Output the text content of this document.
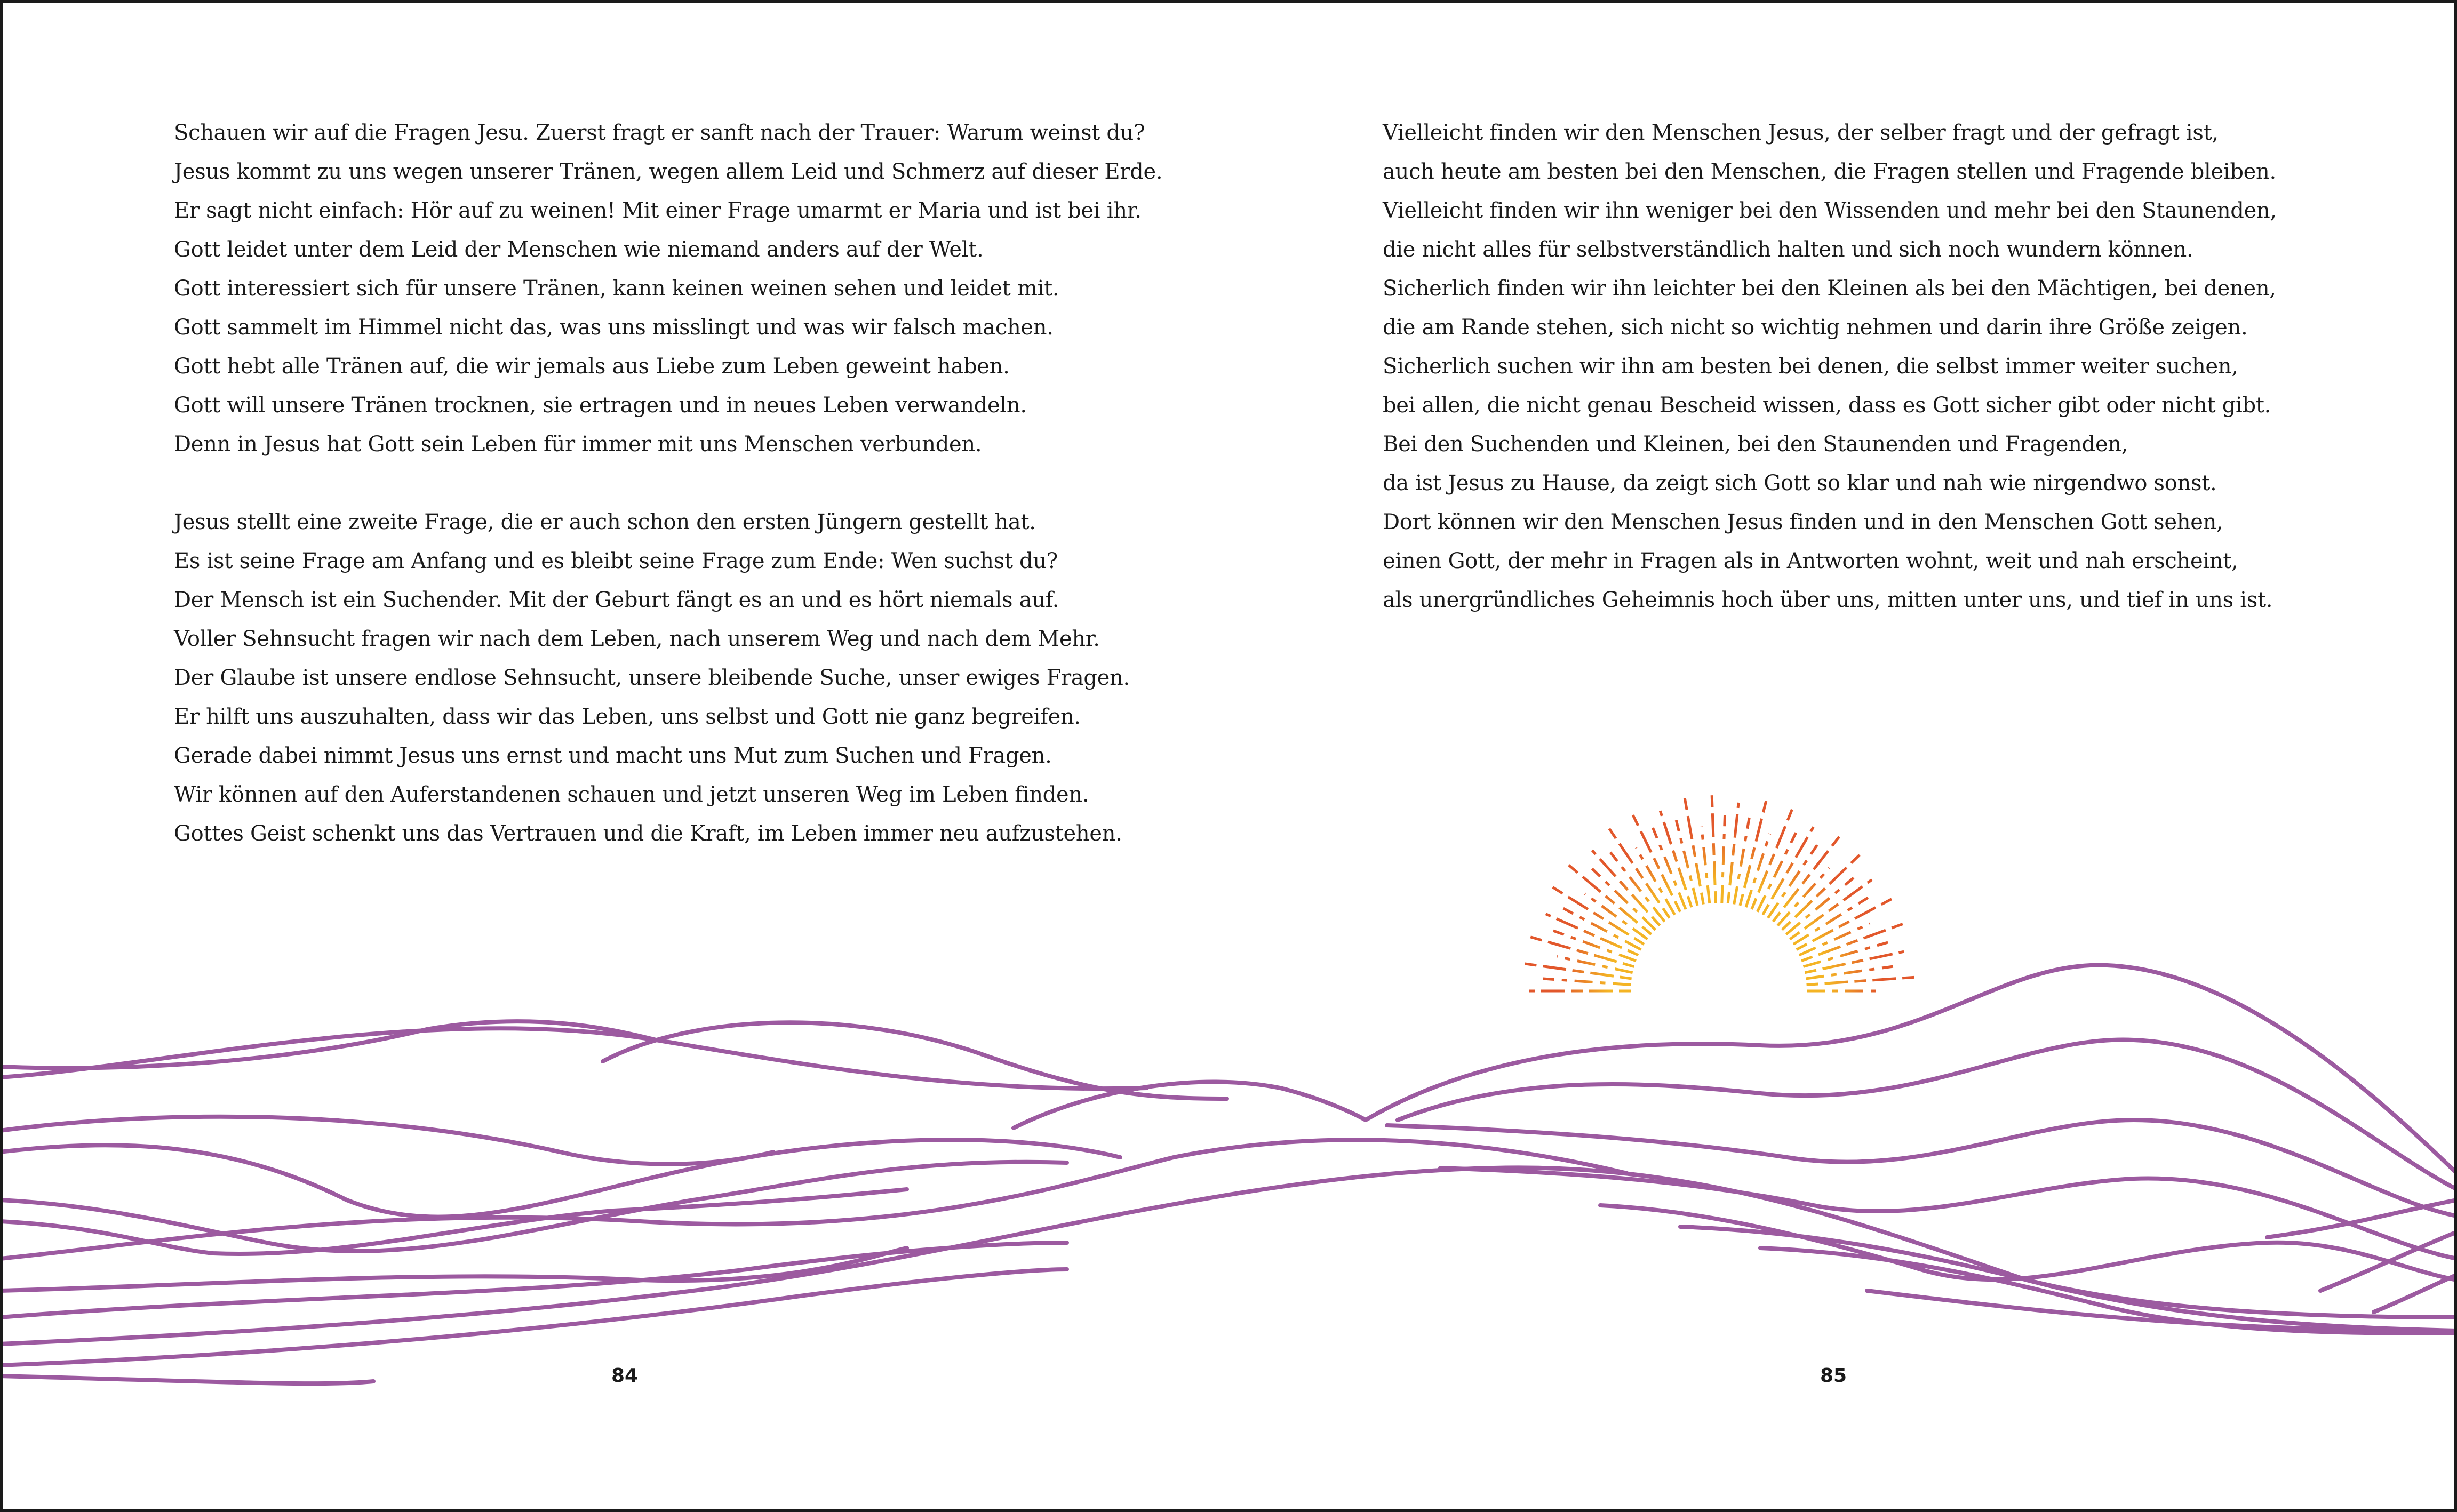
Schauen wir auf die Fragen Jesu. Zuerst fragt er sanft nach der Trauer: Warum weinst du?
Jesus kommt zu uns wegen unserer Tränen, wegen allem Leid und Schmerz auf dieser Erde.
Er sagt nicht einfach: Hör auf zu weinen! Mit einer Frage umarmt er Maria und ist bei ihr.
Gott leidet unter dem Leid der Menschen wie niemand anders auf der Welt.
Gott interessiert sich für unsere Tränen, kann keinen weinen sehen und leidet mit.
Gott sammelt im Himmel nicht das, was uns misslingt und was wir falsch machen.
Gott hebt alle Tränen auf, die wir jemals aus Liebe zum Leben geweint haben.
Gott will unsere Tränen trocknen, sie ertragen und in neues Leben verwandeln.
Denn in Jesus hat Gott sein Leben für immer mit uns Menschen verbunden.
Jesus stellt eine zweite Frage, die er auch schon den ersten Jüngern gestellt hat.
Es ist seine Frage am Anfang und es bleibt seine Frage zum Ende: Wen suchst du?
Der Mensch ist ein Suchender. Mit der Geburt fängt es an und es hört niemals auf.
Voller Sehnsucht fragen wir nach dem Leben, nach unserem Weg und nach dem Mehr.
Der Glaube ist unsere endlose Sehnsucht, unsere bleibende Suche, unser ewiges Fragen.
Er hilft uns auszuhalten, dass wir das Leben, uns selbst und Gott nie ganz begreifen.
Gerade dabei nimmt Jesus uns ernst und macht uns Mut zum Suchen und Fragen.
Wir können auf den Auferstandenen schauen und jetzt unseren Weg im Leben finden.
Gottes Geist schenkt uns das Vertrauen und die Kraft, im Leben immer neu aufzustehen.
Vielleicht finden wir den Menschen Jesus, der selber fragt und der gefragt ist,
auch heute am besten bei den Menschen, die Fragen stellen und Fragende bleiben.
Vielleicht finden wir ihn weniger bei den Wissenden und mehr bei den Staunenden,
die nicht alles für selbstverständlich halten und sich noch wundern können.
Sicherlich finden wir ihn leichter bei den Kleinen als bei den Mächtigen, bei denen,
die am Rande stehen, sich nicht so wichtig nehmen und darin ihre Größe zeigen.
Sicherlich suchen wir ihn am besten bei denen, die selbst immer weiter suchen,
bei allen, die nicht genau Bescheid wissen, dass es Gott sicher gibt oder nicht gibt.
Bei den Suchenden und Kleinen, bei den Staunenden und Fragenden,
da ist Jesus zu Hause, da zeigt sich Gott so klar und nah wie nirgendwo sonst.
Dort können wir den Menschen Jesus finden und in den Menschen Gott sehen,
einen Gott, der mehr in Fragen als in Antworten wohnt, weit und nah erscheint,
als unergründliches Geheimnis hoch über uns, mitten unter uns, und tief in uns ist.
84	85
